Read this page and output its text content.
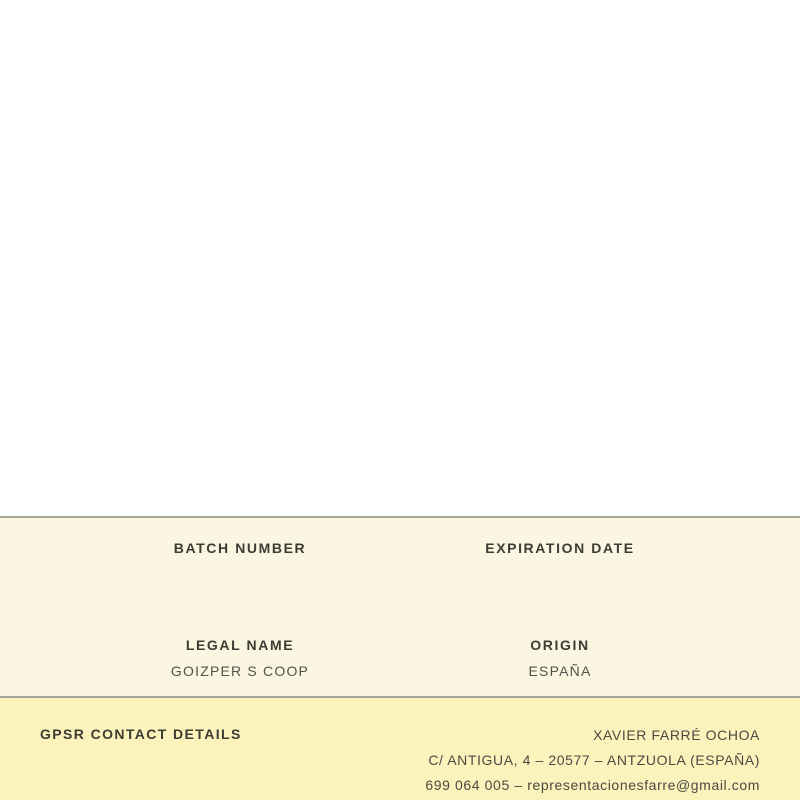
BATCH NUMBER	EXPIRATION DATE
LEGAL NAME
GOIZPER S COOP
ORIGIN
ESPAÑA
GPSR CONTACT DETAILS	XAVIER FARRÉ OCHOA
C/ ANTIGUA, 4 – 20577 – ANTZUOLA (ESPAÑA)
699 064 005 – representacionesfarre@gmail.com
